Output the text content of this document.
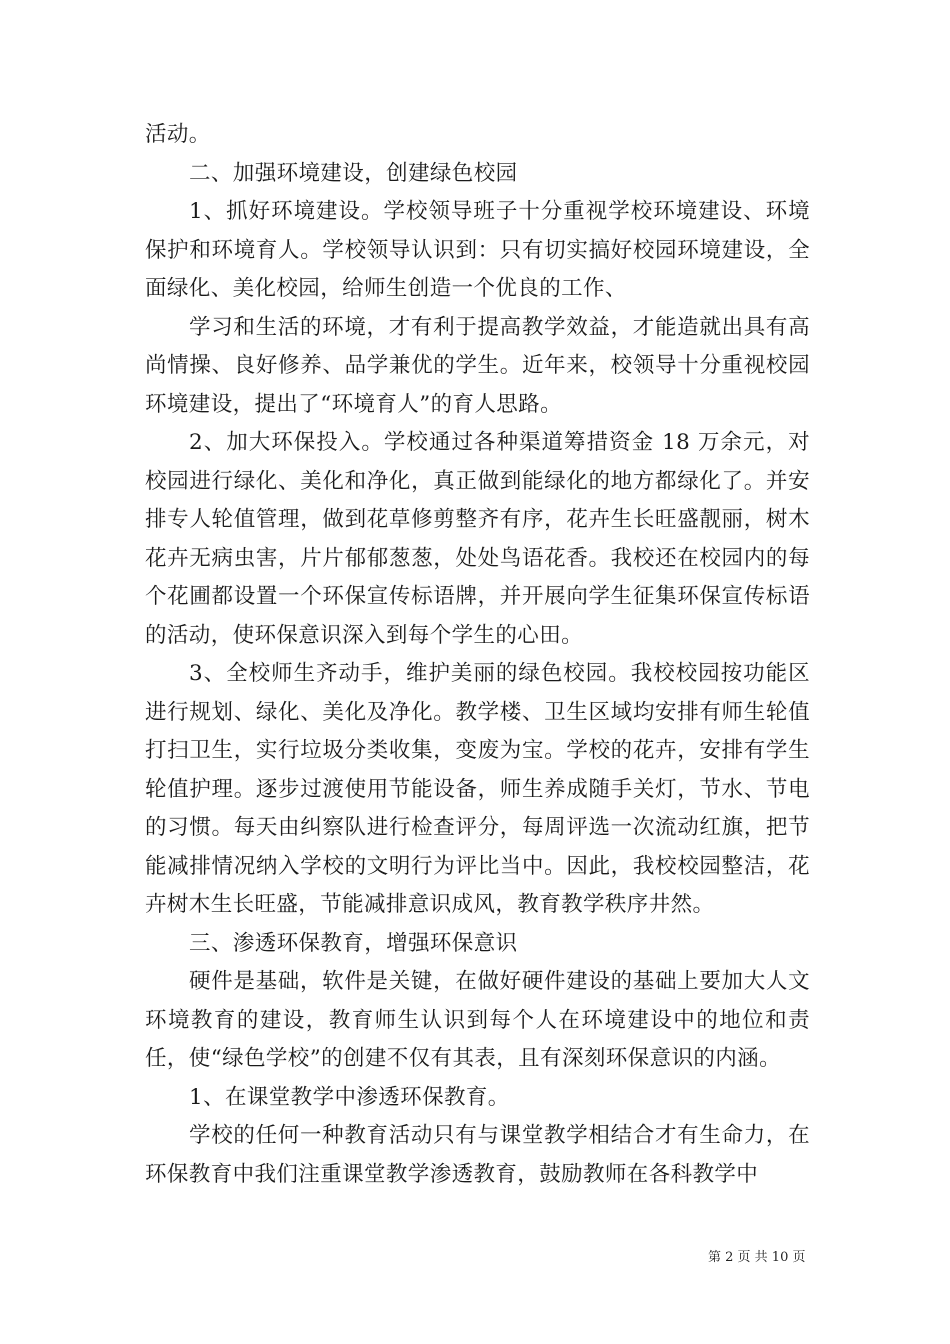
活动。

二、加强环境建设，创建绿色校园

1、抓好环境建设。学校领导班子十分重视学校环境建设、环境保护和环境育人。学校领导认识到：只有切实搞好校园环境建设，全面绿化、美化校园，给师生创造一个优良的工作、

学习和生活的环境，才有利于提高教学效益，才能造就出具有高尚情操、良好修养、品学兼优的学生。近年来，校领导十分重视校园环境建设，提出了“环境育人”的育人思路。

2、加大环保投入。学校通过各种渠道筹措资金 18 万余元，对校园进行绿化、美化和净化，真正做到能绿化的地方都绿化了。并安排专人轮值管理，做到花草修剪整齐有序，花卉生长旺盛靓丽，树木花卉无病虫害，片片郁郁葱葱，处处鸟语花香。我校还在校园内的每个花圃都设置一个环保宣传标语牌，并开展向学生征集环保宣传标语的活动，使环保意识深入到每个学生的心田。

3、全校师生齐动手，维护美丽的绿色校园。我校校园按功能区进行规划、绿化、美化及净化。教学楼、卫生区域均安排有师生轮值打扫卫生，实行垃圾分类收集，变废为宝。学校的花卉，安排有学生轮值护理。逐步过渡使用节能设备，师生养成随手关灯，节水、节电的习惯。每天由纠察队进行检查评分，每周评选一次流动红旗，把节能减排情况纳入学校的文明行为评比当中。因此，我校校园整洁，花卉树木生长旺盛，节能减排意识成风，教育教学秩序井然。

三、渗透环保教育，增强环保意识

硬件是基础，软件是关键，在做好硬件建设的基础上要加大人文环境教育的建设，教育师生认识到每个人在环境建设中的地位和责任，使“绿色学校”的创建不仅有其表，且有深刻环保意识的内涵。

1、在课堂教学中渗透环保教育。

学校的任何一种教育活动只有与课堂教学相结合才有生命力，在环保教育中我们注重课堂教学渗透教育，鼓励教师在各科教学中

第 2 页 共 10 页
